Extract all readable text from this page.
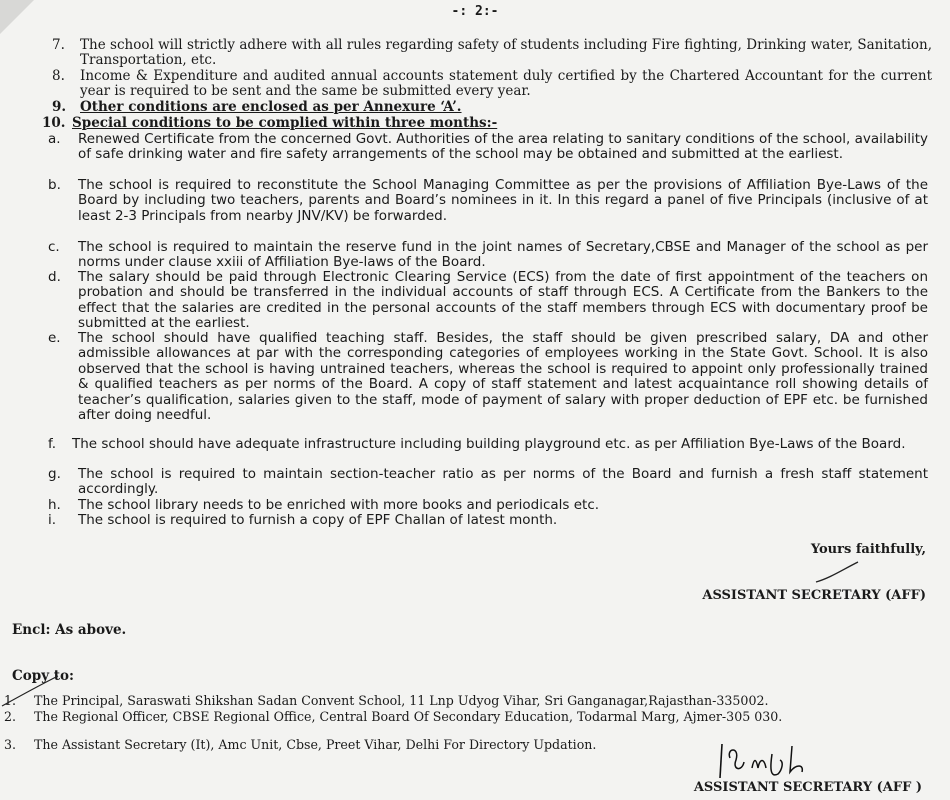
-: 2:-
7. The school will strictly adhere with all rules regarding safety of students including Fire fighting, Drinking water, Sanitation, Transportation, etc.
8. Income & Expenditure and audited annual accounts statement duly certified by the Chartered Accountant for the current year is required to be sent and the same be submitted every year.
9. Other conditions are enclosed as per Annexure ‘A’.
10. Special conditions to be complied within three months:-
a. Renewed Certificate from the concerned Govt. Authorities of the area relating to sanitary conditions of the school, availability of safe drinking water and fire safety arrangements of the school may be obtained and submitted at the earliest.
b. The school is required to reconstitute the School Managing Committee as per the provisions of Affiliation Bye-Laws of the Board by including two teachers, parents and Board’s nominees in it. In this regard a panel of five Principals (inclusive of at least 2-3 Principals from nearby JNV/KV) be forwarded.
c. The school is required to maintain the reserve fund in the joint names of Secretary,CBSE and Manager of the school as per norms under clause xxiii of Affiliation Bye-laws of the Board.
d. The salary should be paid through Electronic Clearing Service (ECS) from the date of first appointment of the teachers on probation and should be transferred in the individual accounts of staff through ECS. A Certificate from the Bankers to the effect that the salaries are credited in the personal accounts of the staff members through ECS with documentary proof be submitted at the earliest.
e. The school should have qualified teaching staff. Besides, the staff should be given prescribed salary, DA and other admissible allowances at par with the corresponding categories of employees working in the State Govt. School. It is also observed that the school is having untrained teachers, whereas the school is required to appoint only professionally trained & qualified teachers as per norms of the Board. A copy of staff statement and latest acquaintance roll showing details of teacher’s qualification, salaries given to the staff, mode of payment of salary with proper deduction of EPF etc. be furnished after doing needful.
f. The school should have adequate infrastructure including building playground etc. as per Affiliation Bye-Laws of the Board.
g. The school is required to maintain section-teacher ratio as per norms of the Board and furnish a fresh staff statement accordingly.
h. The school library needs to be enriched with more books and periodicals etc.
i. The school is required to furnish a copy of EPF Challan of latest month.
Yours faithfully,
ASSISTANT SECRETARY (AFF)
Encl: As above.
Copy to:
1. The Principal, Saraswati Shikshan Sadan Convent School, 11 Lnp Udyog Vihar, Sri Ganganagar,Rajasthan-335002.
2. The Regional Officer, CBSE Regional Office, Central Board Of Secondary Education, Todarmal Marg, Ajmer-305 030.
3. The Assistant Secretary (It), Amc Unit, Cbse, Preet Vihar, Delhi For Directory Updation.
ASSISTANT SECRETARY (AFF )
